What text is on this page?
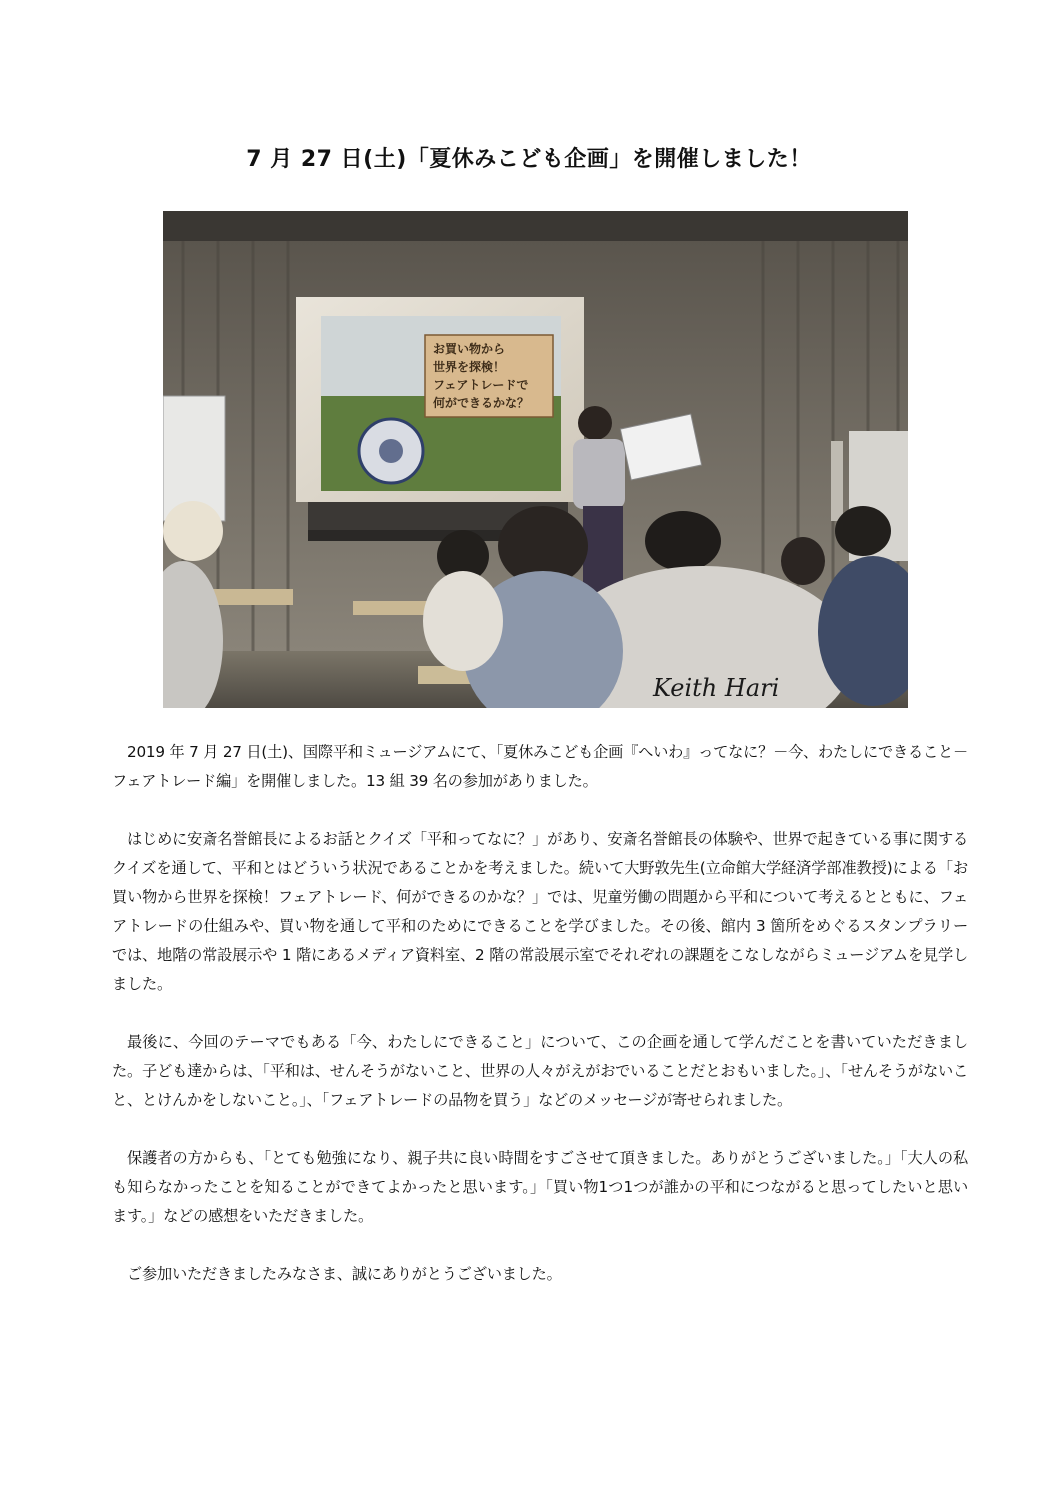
7 月 27 日(土)「夏休みこども企画」を開催しました！
お買い物から
世界を探検！
フェアトレードで
何ができるかな？
Keith Hari

2019 年 7 月 27 日(土)、国際平和ミュージアムにて、「夏休みこども企画『へいわ』ってなに？－今、わたしにできること－フェアトレード編」を開催しました。13 組 39 名の参加がありました。

はじめに安斎名誉館長によるお話とクイズ「平和ってなに？」があり、安斎名誉館長の体験や、世界で起きている事に関するクイズを通して、平和とはどういう状況であることかを考えました。続いて大野敦先生(立命館大学経済学部准教授)による「お買い物から世界を探検！フェアトレード、何ができるのかな？」では、児童労働の問題から平和について考えるとともに、フェアトレードの仕組みや、買い物を通して平和のためにできることを学びました。その後、館内 3 箇所をめぐるスタンプラリーでは、地階の常設展示や 1 階にあるメディア資料室、2 階の常設展示室でそれぞれの課題をこなしながらミュージアムを見学しました。

最後に、今回のテーマでもある「今、わたしにできること」について、この企画を通して学んだことを書いていただきました。子ども達からは、「平和は、せんそうがないこと、世界の人々がえがおでいることだとおもいました。」、「せんそうがないこと、とけんかをしないこと。」、「フェアトレードの品物を買う」などのメッセージが寄せられました。

保護者の方からも、「とても勉強になり、親子共に良い時間をすごさせて頂きました。ありがとうございました。」「大人の私も知らなかったことを知ることができてよかったと思います。」「買い物1つ1つが誰かの平和につながると思ってしたいと思います。」などの感想をいただきました。

ご参加いただきましたみなさま、誠にありがとうございました。
